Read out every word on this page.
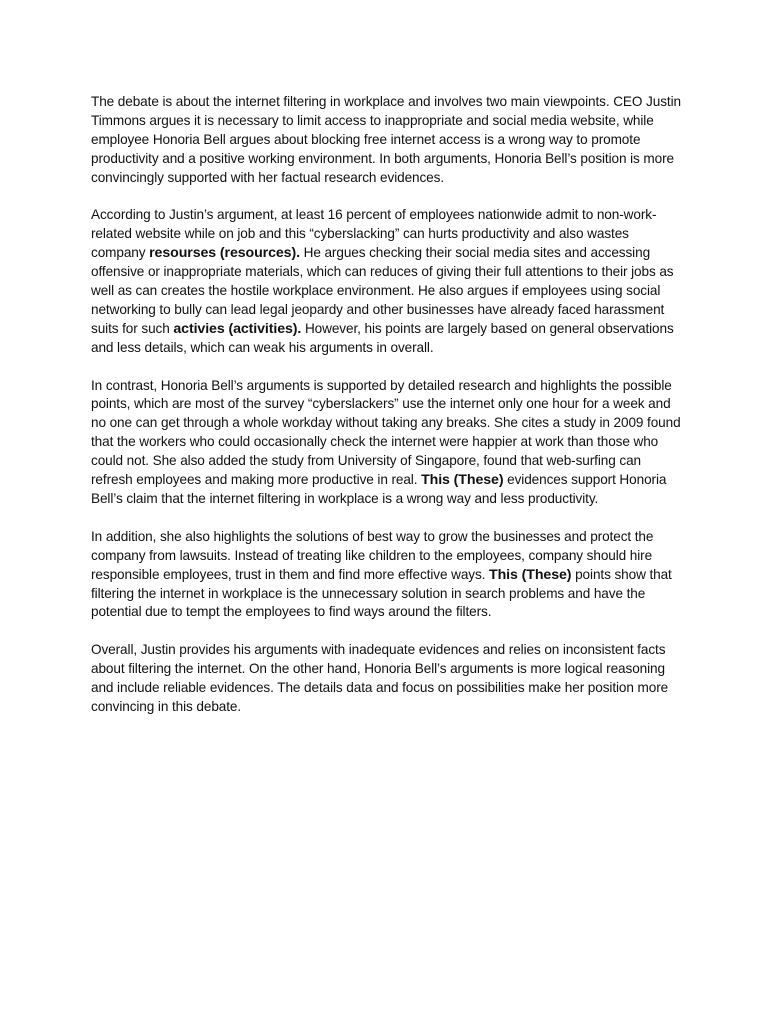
The debate is about the internet filtering in workplace and involves two main viewpoints. CEO Justin Timmons argues it is necessary to limit access to inappropriate and social media website, while employee Honoria Bell argues about blocking free internet access is a wrong way to promote productivity and a positive working environment. In both arguments, Honoria Bell’s position is more convincingly supported with her factual research evidences.

According to Justin’s argument, at least 16 percent of employees nationwide admit to non-work-related website while on job and this “cyberslacking” can hurts productivity and also wastes company resourses (resources). He argues checking their social media sites and accessing offensive or inappropriate materials, which can reduces of giving their full attentions to their jobs as well as can creates the hostile workplace environment. He also argues if employees using social networking to bully can lead legal jeopardy and other businesses have already faced harassment suits for such activies (activities). However, his points are largely based on general observations and less details, which can weak his arguments in overall.

In contrast, Honoria Bell’s arguments is supported by detailed research and highlights the possible points, which are most of the survey “cyberslackers” use the internet only one hour for a week and no one can get through a whole workday without taking any breaks. She cites a study in 2009 found that the workers who could occasionally check the internet were happier at work than those who could not. She also added the study from University of Singapore, found that web-surfing can refresh employees and making more productive in real. This (These) evidences support Honoria Bell’s claim that the internet filtering in workplace is a wrong way and less productivity.

In addition, she also highlights the solutions of best way to grow the businesses and protect the company from lawsuits. Instead of treating like children to the employees, company should hire responsible employees, trust in them and find more effective ways. This (These) points show that filtering the internet in workplace is the unnecessary solution in search problems and have the potential due to tempt the employees to find ways around the filters.

Overall, Justin provides his arguments with inadequate evidences and relies on inconsistent facts about filtering the internet. On the other hand, Honoria Bell’s arguments is more logical reasoning and include reliable evidences. The details data and focus on possibilities make her position more convincing in this debate.
